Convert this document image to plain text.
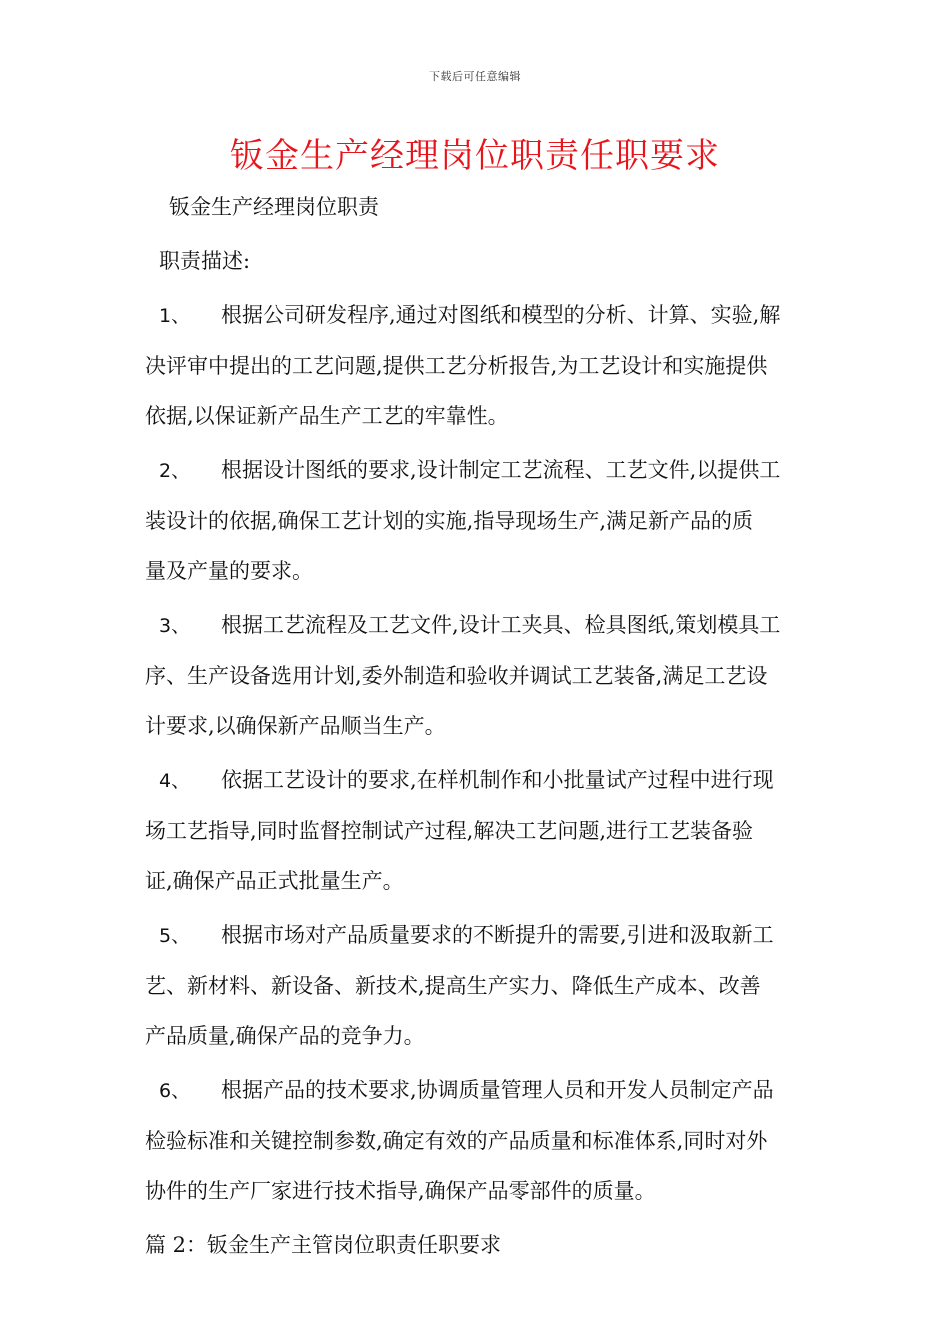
下载后可任意编辑
钣金生产经理岗位职责任职要求
钣金生产经理岗位职责
职责描述:
1、 根据公司研发程序,通过对图纸和模型的分析、计算、实验,解
决评审中提出的工艺问题,提供工艺分析报告,为工艺设计和实施提供
依据,以保证新产品生产工艺的牢靠性。
2、 根据设计图纸的要求,设计制定工艺流程、工艺文件,以提供工
装设计的依据,确保工艺计划的实施,指导现场生产,满足新产品的质
量及产量的要求。
3、 根据工艺流程及工艺文件,设计工夹具、检具图纸,策划模具工
序、生产设备选用计划,委外制造和验收并调试工艺装备,满足工艺设
计要求,以确保新产品顺当生产。
4、 依据工艺设计的要求,在样机制作和小批量试产过程中进行现
场工艺指导,同时监督控制试产过程,解决工艺问题,进行工艺装备验
证,确保产品正式批量生产。
5、 根据市场对产品质量要求的不断提升的需要,引进和汲取新工
艺、新材料、新设备、新技术,提高生产实力、降低生产成本、改善
产品质量,确保产品的竞争力。
6、 根据产品的技术要求,协调质量管理人员和开发人员制定产品
检验标准和关键控制参数,确定有效的产品质量和标准体系,同时对外
协件的生产厂家进行技术指导,确保产品零部件的质量。
篇 2：钣金生产主管岗位职责任职要求
